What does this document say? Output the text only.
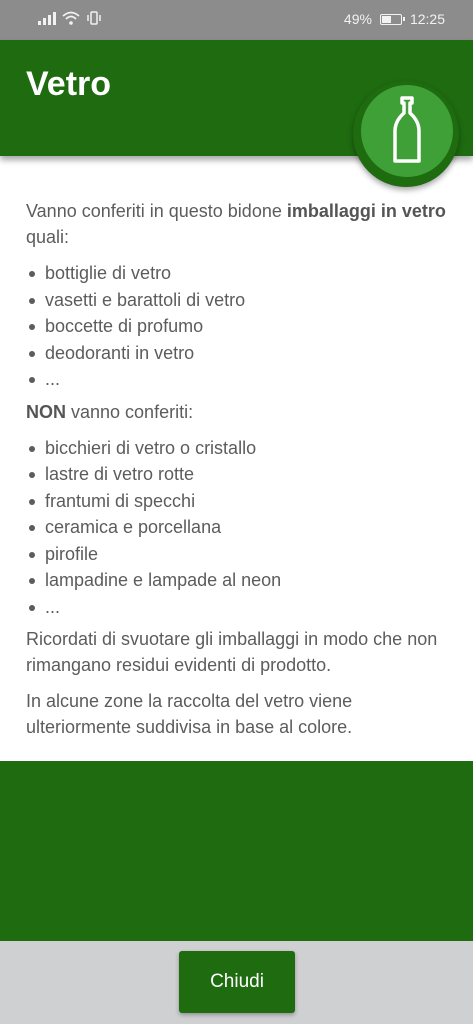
49%	12:25
Vetro

Vanno conferiti in questo bidone imballaggi in vetro quali:

bottiglie di vetro
vasetti e barattoli di vetro
boccette di profumo
deodoranti in vetro
...

NON vanno conferiti:

bicchieri di vetro o cristallo
lastre di vetro rotte
frantumi di specchi
ceramica e porcellana
pirofile
lampadine e lampade al neon
...

Ricordati di svuotare gli imballaggi in modo che non rimangano residui evidenti di prodotto.

In alcune zone la raccolta del vetro viene ulteriormente suddivisa in base al colore.

Chiudi
